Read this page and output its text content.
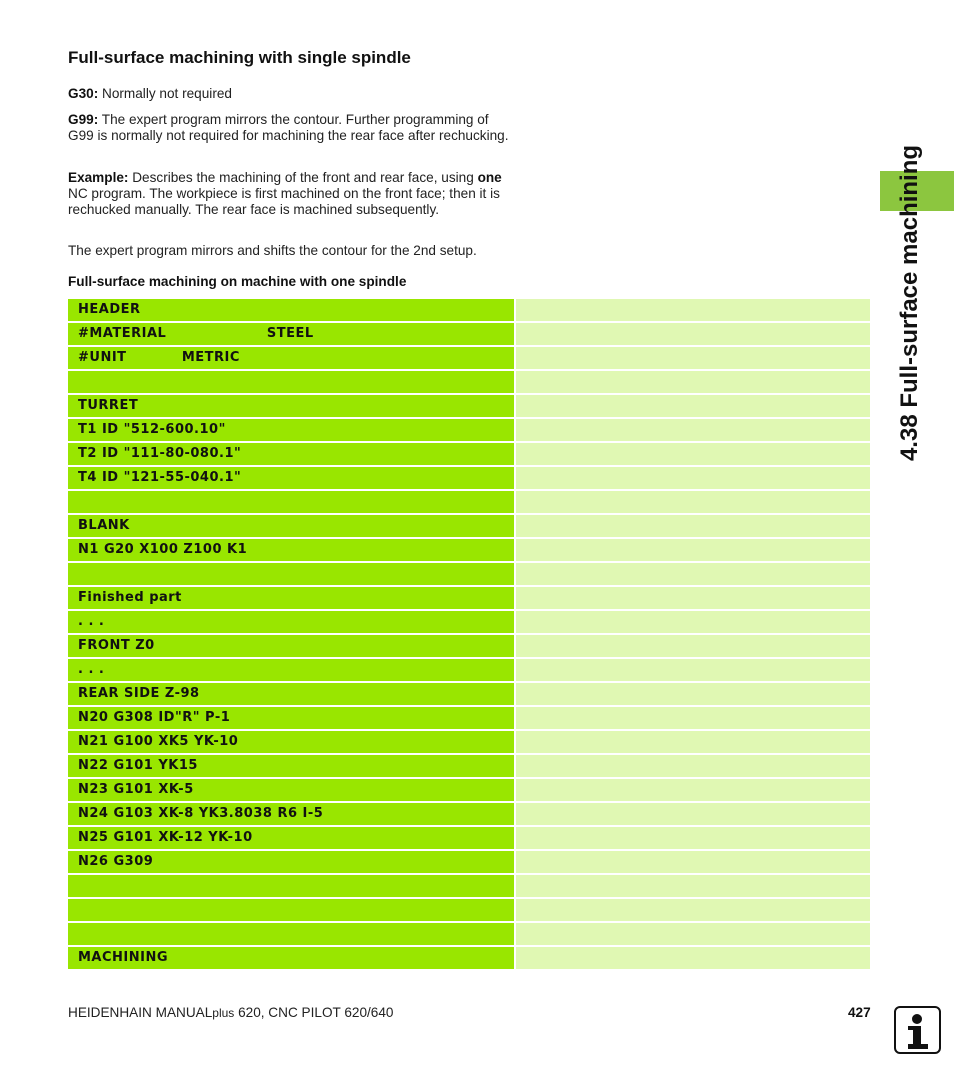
Full-surface machining with single spindle

G30: Normally not required

G99: The expert program mirrors the contour. Further programming of G99 is normally not required for machining the rear face after rechucking.

Example: Describes the machining of the front and rear face, using one NC program. The workpiece is first machined on the front face; then it is rechucked manually. The rear face is machined subsequently.

The expert program mirrors and shifts the contour for the 2nd setup.

Full-surface machining on machine with one spindle

HEADER
#MATERIAL                    STEEL
#UNIT           METRIC
TURRET
T1 ID "512-600.10"
T2 ID "111-80-080.1"
T4 ID "121-55-040.1"
BLANK
N1 G20 X100 Z100 K1
Finished part
. . .
FRONT Z0
. . .
REAR SIDE Z-98
N20 G308 ID"R" P-1
N21 G100 XK5 YK-10
N22 G101 YK15
N23 G101 XK-5
N24 G103 XK-8 YK3.8038 R6 I-5
N25 G101 XK-12 YK-10
N26 G309
MACHINING
4.38 Full-surface machining

HEIDENHAIN MANUALplus 620, CNC PILOT 620/640	427
